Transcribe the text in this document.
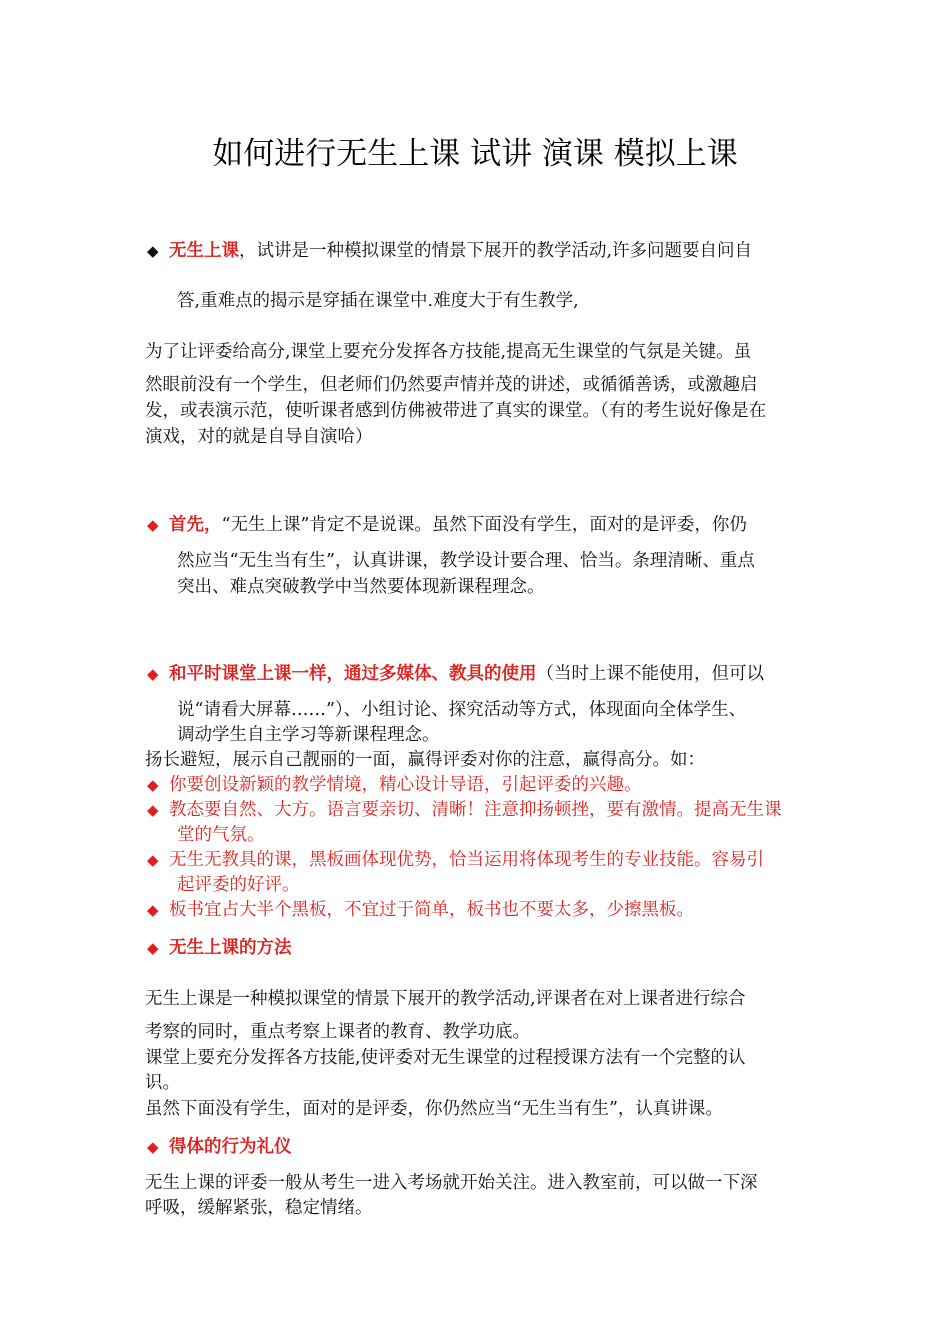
如何进行无生上课 试讲 演课 模拟上课
◆ 无生上课，试讲是一种模拟课堂的情景下展开的教学活动,许多问题要自问自
答,重难点的揭示是穿插在课堂中.难度大于有生教学,
为了让评委给高分,课堂上要充分发挥各方技能,提高无生课堂的气氛是关键。虽
然眼前没有一个学生，但老师们仍然要声情并茂的讲述，或循循善诱，或激趣启
发，或表演示范，使听课者感到仿佛被带进了真实的课堂。（有的考生说好像是在
演戏，对的就是自导自演哈）
◆ 首先，“无生上课”肯定不是说课。虽然下面没有学生，面对的是评委，你仍
然应当“无生当有生”，认真讲课，教学设计要合理、恰当。条理清晰、重点
突出、难点突破教学中当然要体现新课程理念。
◆ 和平时课堂上课一样，通过多媒体、教具的使用（当时上课不能使用，但可以
说“请看大屏幕……”）、小组讨论、探究活动等方式，体现面向全体学生、
调动学生自主学习等新课程理念。
扬长避短，展示自己靓丽的一面，赢得评委对你的注意，赢得高分。如：
◆ 你要创设新颖的教学情境，精心设计导语，引起评委的兴趣。
◆ 教态要自然、大方。语言要亲切、清晰！注意抑扬顿挫，要有激情。提高无生课
堂的气氛。
◆ 无生无教具的课，黑板画体现优势，恰当运用将体现考生的专业技能。容易引
起评委的好评。
◆ 板书宜占大半个黑板，不宜过于简单，板书也不要太多，少擦黑板。
◆ 无生上课的方法
无生上课是一种模拟课堂的情景下展开的教学活动,评课者在对上课者进行综合
考察的同时，重点考察上课者的教育、教学功底。
课堂上要充分发挥各方技能,使评委对无生课堂的过程授课方法有一个完整的认
识。
虽然下面没有学生，面对的是评委，你仍然应当“无生当有生”，认真讲课。
◆ 得体的行为礼仪
无生上课的评委一般从考生一进入考场就开始关注。进入教室前，可以做一下深
呼吸，缓解紧张，稳定情绪。
